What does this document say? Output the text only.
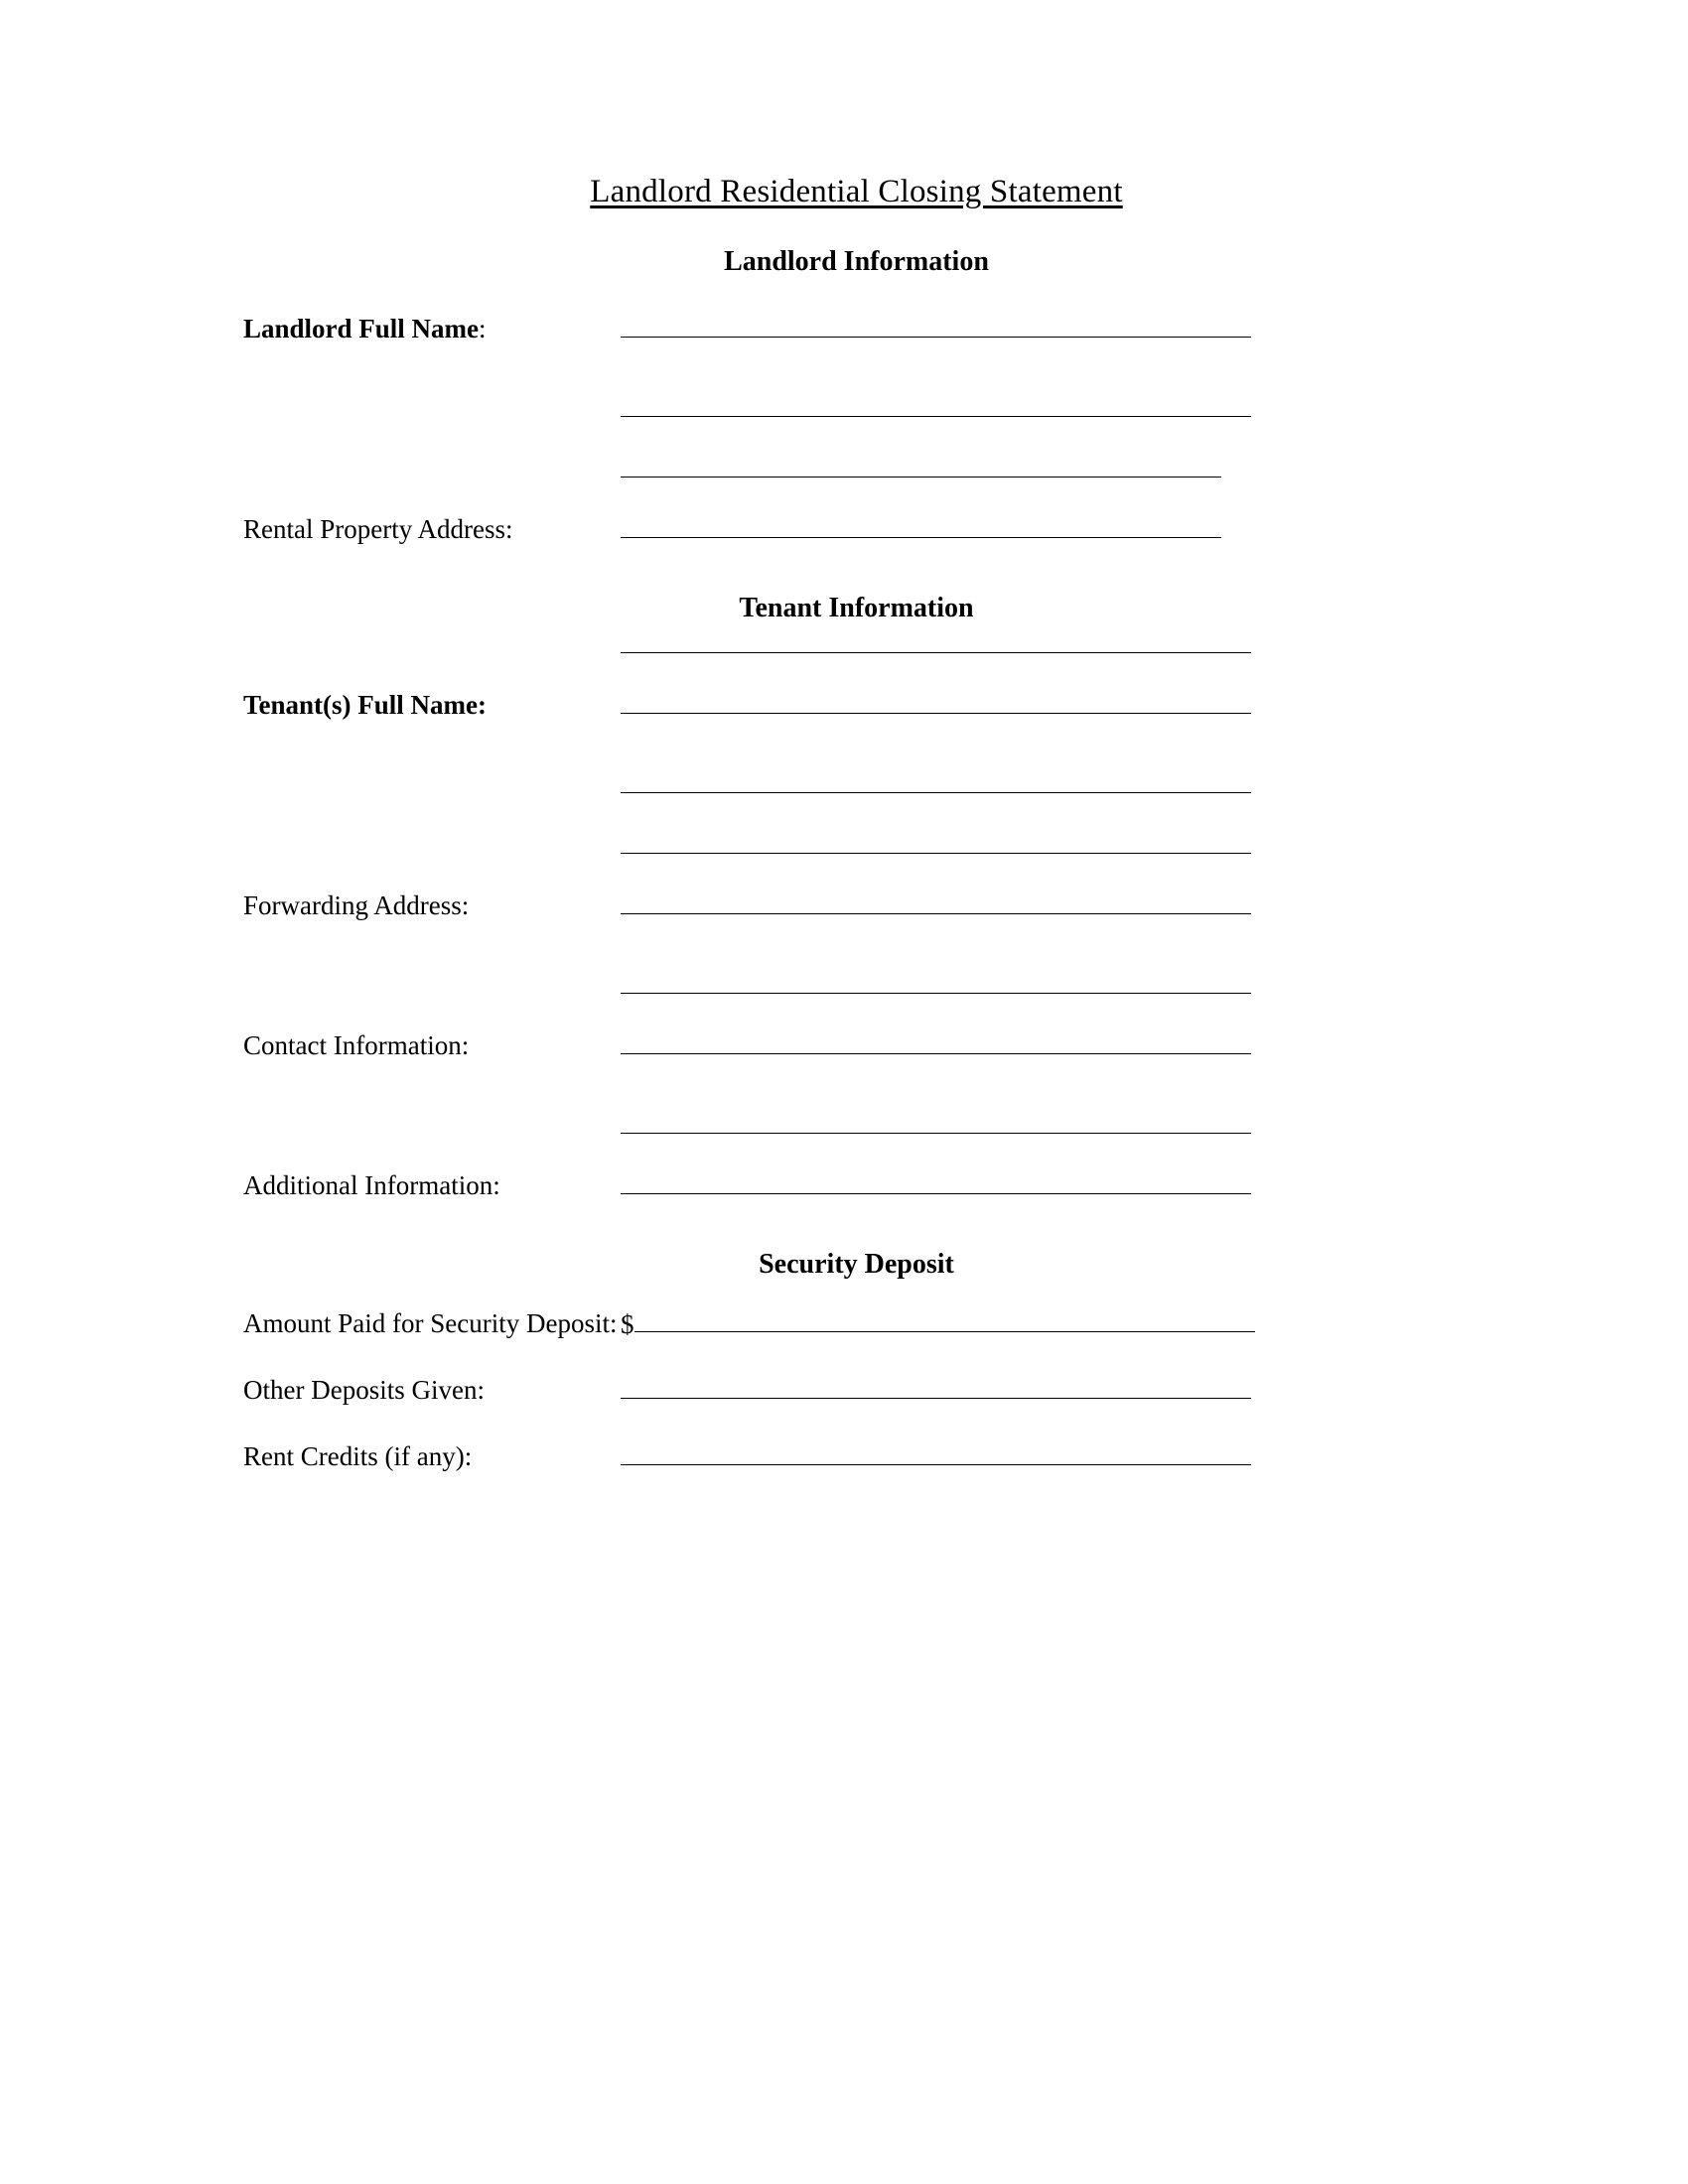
Landlord Residential Closing Statement
Landlord Information
Landlord Full Name:
Rental Property Address:
Tenant Information
Tenant(s) Full Name:
Forwarding Address:
Contact Information:
Additional Information:
Security Deposit
Amount Paid for Security Deposit: $
Other Deposits Given:
Rent Credits (if any):
